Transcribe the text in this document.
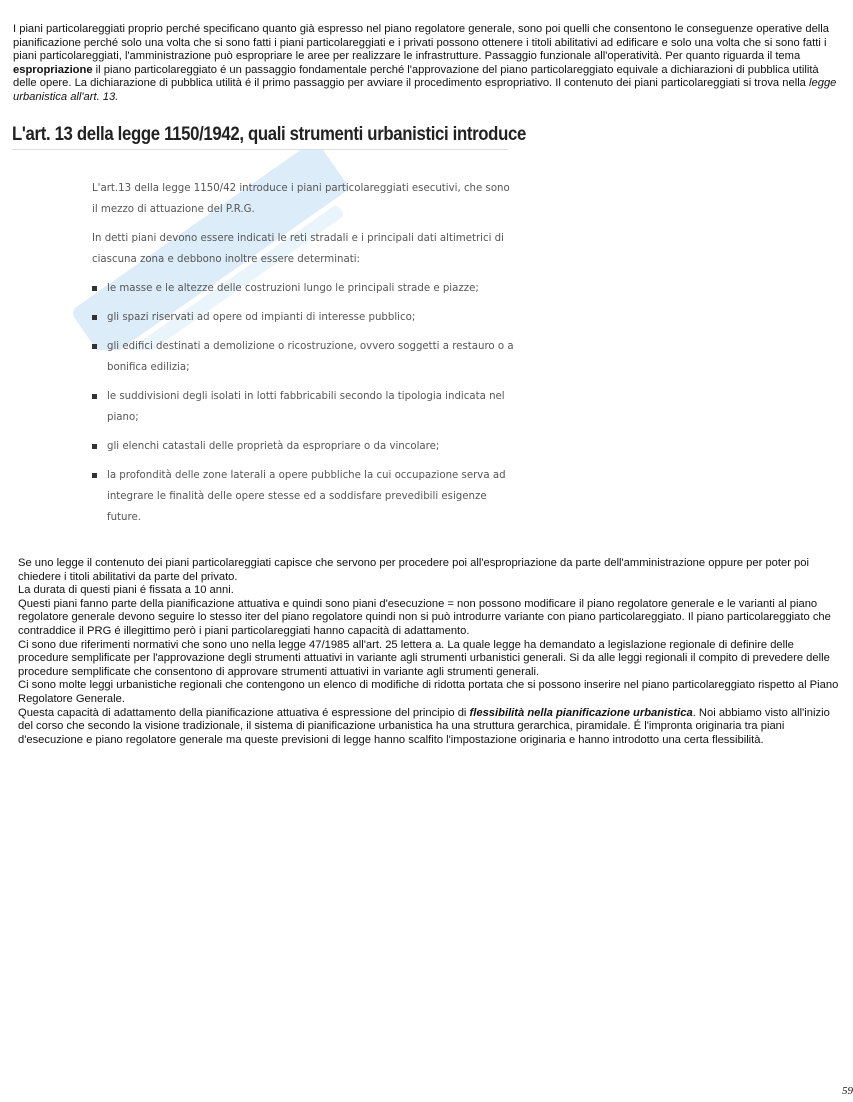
I piani particolareggiati proprio perché specificano quanto già espresso nel piano regolatore generale, sono poi quelli che consentono le conseguenze operative della pianificazione perché solo una volta che si sono fatti i piani particolareggiati e i privati possono ottenere i titoli abilitativi ad edificare e solo una volta che si sono fatti i piani particolareggiati, l'amministrazione può espropriare le aree per realizzare le infrastrutture. Passaggio funzionale all'operatività. Per quanto riguarda il tema espropriazione il piano particolareggiato é un passaggio fondamentale perché l'approvazione del piano particolareggiato equivale a dichiarazioni di pubblica utilità delle opere. La dichiarazione di pubblica utilità é il primo passaggio per avviare il procedimento espropriativo. Il contenuto dei piani particolareggiati si trova nella legge urbanistica all'art. 13.

L'art. 13 della legge 1150/1942, quali strumenti urbanistici introduce

L'art.13 della legge 1150/42 introduce i piani particolareggiati esecutivi, che sono il mezzo di attuazione del P.R.G.

In detti piani devono essere indicati le reti stradali e i principali dati altimetrici di ciascuna zona e debbono inoltre essere determinati:

le masse e le altezze delle costruzioni lungo le principali strade e piazze;
gli spazi riservati ad opere od impianti di interesse pubblico;
gli edifici destinati a demolizione o ricostruzione, ovvero soggetti a restauro o a bonifica edilizia;
le suddivisioni degli isolati in lotti fabbricabili secondo la tipologia indicata nel piano;
gli elenchi catastali delle proprietà da espropriare o da vincolare;
la profondità delle zone laterali a opere pubbliche la cui occupazione serva ad integrare le finalità delle opere stesse ed a soddisfare prevedibili esigenze future.
Se uno legge il contenuto dei piani particolareggiati capisce che servono per procedere poi all'espropriazione da parte dell'amministrazione oppure per poter poi chiedere i titoli abilitativi da parte del privato.
La durata di questi piani é fissata a 10 anni.
Questi piani fanno parte della pianificazione attuativa e quindi sono piani d'esecuzione = non possono modificare il piano regolatore generale e le varianti al piano regolatore generale devono seguire lo stesso iter del piano regolatore quindi non si può introdurre variante con piano particolareggiato. Il piano particolareggiato che contraddice il PRG é illegittimo però i piani particolareggiati hanno capacità di adattamento.
Ci sono due riferimenti normativi che sono uno nella legge 47/1985 all'art. 25 lettera a. La quale legge ha demandato a legislazione regionale di definire delle procedure semplificate per l'approvazione degli strumenti attuativi in variante agli strumenti urbanistici generali. Si da alle leggi regionali il compito di prevedere delle procedure semplificate che consentono di approvare strumenti attuativi in variante agli strumenti generali.
Ci sono molte leggi urbanistiche regionali che contengono un elenco di modifiche di ridotta portata che si possono inserire nel piano particolareggiato rispetto al Piano Regolatore Generale.
Questa capacità di adattamento della pianificazione attuativa é espressione del principio di flessibilità nella pianificazione urbanistica. Noi abbiamo visto all'inizio del corso che secondo la visione tradizionale, il sistema di pianificazione urbanistica ha una struttura gerarchica, piramidale. É l'impronta originaria tra piani d'esecuzione e piano regolatore generale ma queste previsioni di legge hanno scalfito l'impostazione originaria e hanno introdotto una certa flessibilità.
59
